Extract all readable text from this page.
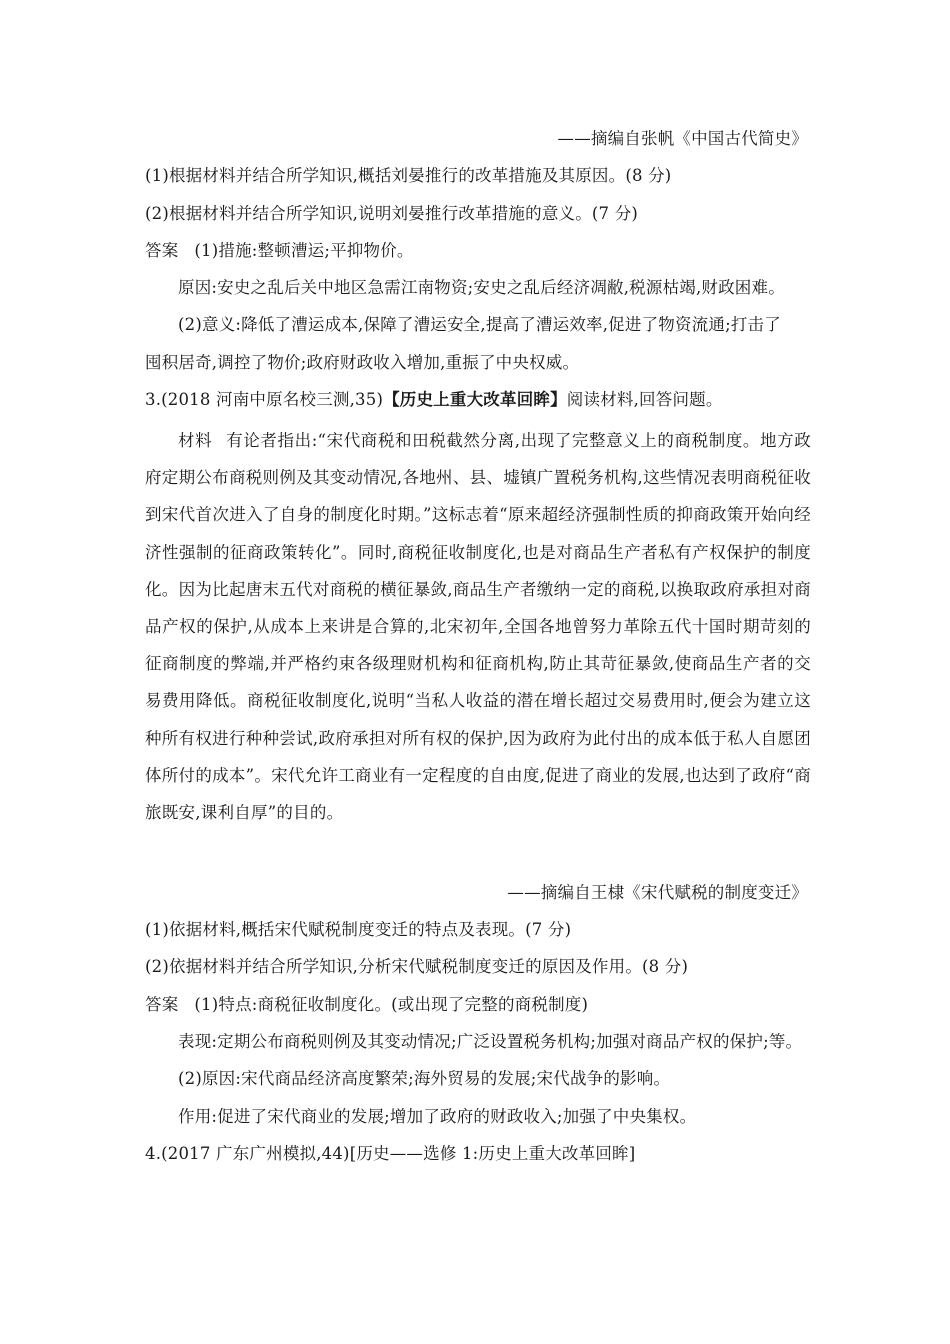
——摘编自张帆《中国古代简史》
(1)根据材料并结合所学知识,概括刘晏推行的改革措施及其原因。(8 分)
(2)根据材料并结合所学知识,说明刘晏推行改革措施的意义。(7 分)
答案 (1)措施:整顿漕运;平抑物价。
原因:安史之乱后关中地区急需江南物资;安史之乱后经济凋敝,税源枯竭,财政困难。
(2)意义:降低了漕运成本,保障了漕运安全,提高了漕运效率,促进了物资流通;打击了
囤积居奇,调控了物价;政府财政收入增加,重振了中央权威。
3.(2018 河南中原名校三测,35)【历史上重大改革回眸】阅读材料,回答问题。
材料 有论者指出:“宋代商税和田税截然分离,出现了完整意义上的商税制度。地方政府定期公布商税则例及其变动情况,各地州、县、墟镇广置税务机构,这些情况表明商税征收到宋代首次进入了自身的制度化时期。”这标志着“原来超经济强制性质的抑商政策开始向经济性强制的征商政策转化”。同时,商税征收制度化,也是对商品生产者私有产权保护的制度化。因为比起唐末五代对商税的横征暴敛,商品生产者缴纳一定的商税,以换取政府承担对商品产权的保护,从成本上来讲是合算的,北宋初年,全国各地曾努力革除五代十国时期苛刻的征商制度的弊端,并严格约束各级理财机构和征商机构,防止其苛征暴敛,使商品生产者的交易费用降低。商税征收制度化,说明“当私人收益的潜在增长超过交易费用时,便会为建立这种所有权进行种种尝试,政府承担对所有权的保护,因为政府为此付出的成本低于私人自愿团体所付的成本”。宋代允许工商业有一定程度的自由度,促进了商业的发展,也达到了政府“商旅既安,课利自厚”的目的。
——摘编自王棣《宋代赋税的制度变迁》
(1)依据材料,概括宋代赋税制度变迁的特点及表现。(7 分)
(2)依据材料并结合所学知识,分析宋代赋税制度变迁的原因及作用。(8 分)
答案 (1)特点:商税征收制度化。(或出现了完整的商税制度)
表现:定期公布商税则例及其变动情况;广泛设置税务机构;加强对商品产权的保护;等。
(2)原因:宋代商品经济高度繁荣;海外贸易的发展;宋代战争的影响。
作用:促进了宋代商业的发展;增加了政府的财政收入;加强了中央集权。
4.(2017 广东广州模拟,44)[历史——选修 1:历史上重大改革回眸]
